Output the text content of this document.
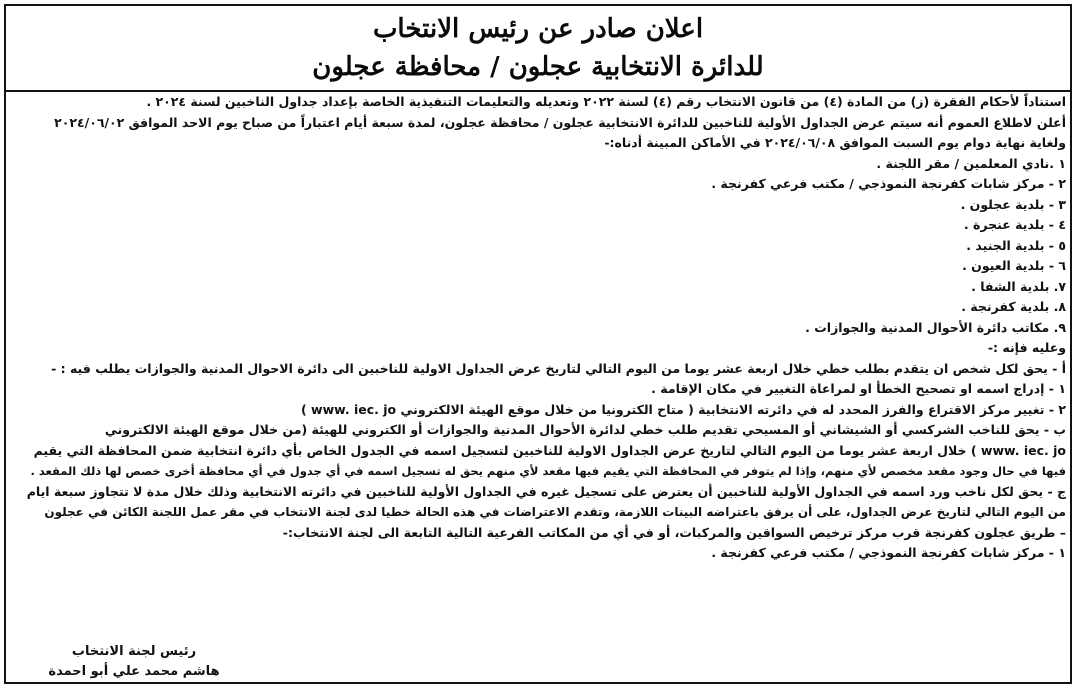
اعلان صادر عن رئيس الانتخاب
للدائرة الانتخابية عجلون / محافظة عجلون
استناداً لأحكام الفقرة (ز) من المادة (٤) من قانون الانتخاب رقم (٤) لسنة ٢٠٢٢ وتعديله والتعليمات التنفيذية الخاصة بإعداد جداول الناخبين لسنة ٢٠٢٤ .
أعلن لاطلاع العموم أنه سيتم عرض الجداول الأولية للناخبين للدائرة الانتخابية عجلون / محافظة عجلون، لمدة سبعة أيام اعتباراً من صباح يوم الاحد الموافق ٢٠٢٤/٠٦/٠٢
ولغاية نهاية دوام يوم السبت الموافق ٢٠٢٤/٠٦/٠٨ في الأماكن المبينة أدناه:-
١ .نادي المعلمين / مقر اللجنة .
٢ - مركز شابات كفرنجة النموذجي / مكتب فرعي كفرنجة .
٣ - بلدية عجلون .
٤ - بلدية عنجرة .
٥ - بلدية الجنيد .
٦ - بلدية العيون .
٧. بلدية الشفا .
٨. بلدية كفرنجة .
٩. مكاتب دائرة الأحوال المدنية والجوازات .
وعليه فإنه :-
أ - يحق لكل شخص ان يتقدم بطلب خطي خلال اربعة عشر يوما من اليوم التالي لتاريخ عرض الجداول الاولية للناخبين الى دائرة الاحوال المدنية والجوازات يطلب فيه : -
١ - إدراج اسمه او تصحيح الخطأ او لمراعاة التغيير في مكان الإقامة .
٢ - تغيير مركز الاقتراع والفرز المحدد له في دائرته الانتخابية ( متاح الكترونيا من خلال موقع الهيئة الالكتروني www. iec. jo )
ب - يحق للناخب الشركسي أو الشيشاني أو المسيحي تقديم طلب خطي لدائرة الأحوال المدنية والجوازات أو الكتروني للهيئة (من خلال موقع الهيئة الالكتروني
www. iec. jo ) خلال اربعة عشر يوما من اليوم التالي لتاريخ عرض الجداول الاولية للناخبين لتسجيل اسمه في الجدول الخاص بأي دائرة انتخابية ضمن المحافظة التي يقيم
فيها في حال وجود مقعد مخصص لأي منهم، وإذا لم يتوفر في المحافظة التي يقيم فيها مقعد لأي منهم يحق له تسجيل اسمه في أي جدول في أي محافظة أخرى خصص لها ذلك المقعد .
ج - يحق لكل ناخب ورد اسمه في الجداول الأولية للناخبين أن يعترض على تسجيل غيره في الجداول الأولية للناخبين في دائرته الانتخابية وذلك خلال مدة لا تتجاوز سبعة ايام
من اليوم التالي لتاريخ عرض الجداول، على أن يرفق باعتراضه البينات اللازمة، وتقدم الاعتراضات في هذه الحالة خطيا لدى لجنة الانتخاب في مقر عمل اللجنة الكائن في عجلون
– طريق عجلون كفرنجة قرب مركز ترخيص السواقين والمركبات، أو في أي من المكاتب الفرعية التالية التابعة الى لجنة الانتخاب:-
١ - مركز شابات كفرنجة النموذجي / مكتب فرعي كفرنجة .
رئيس لجنة الانتخاب
هاشم محمد علي أبو احمدة
